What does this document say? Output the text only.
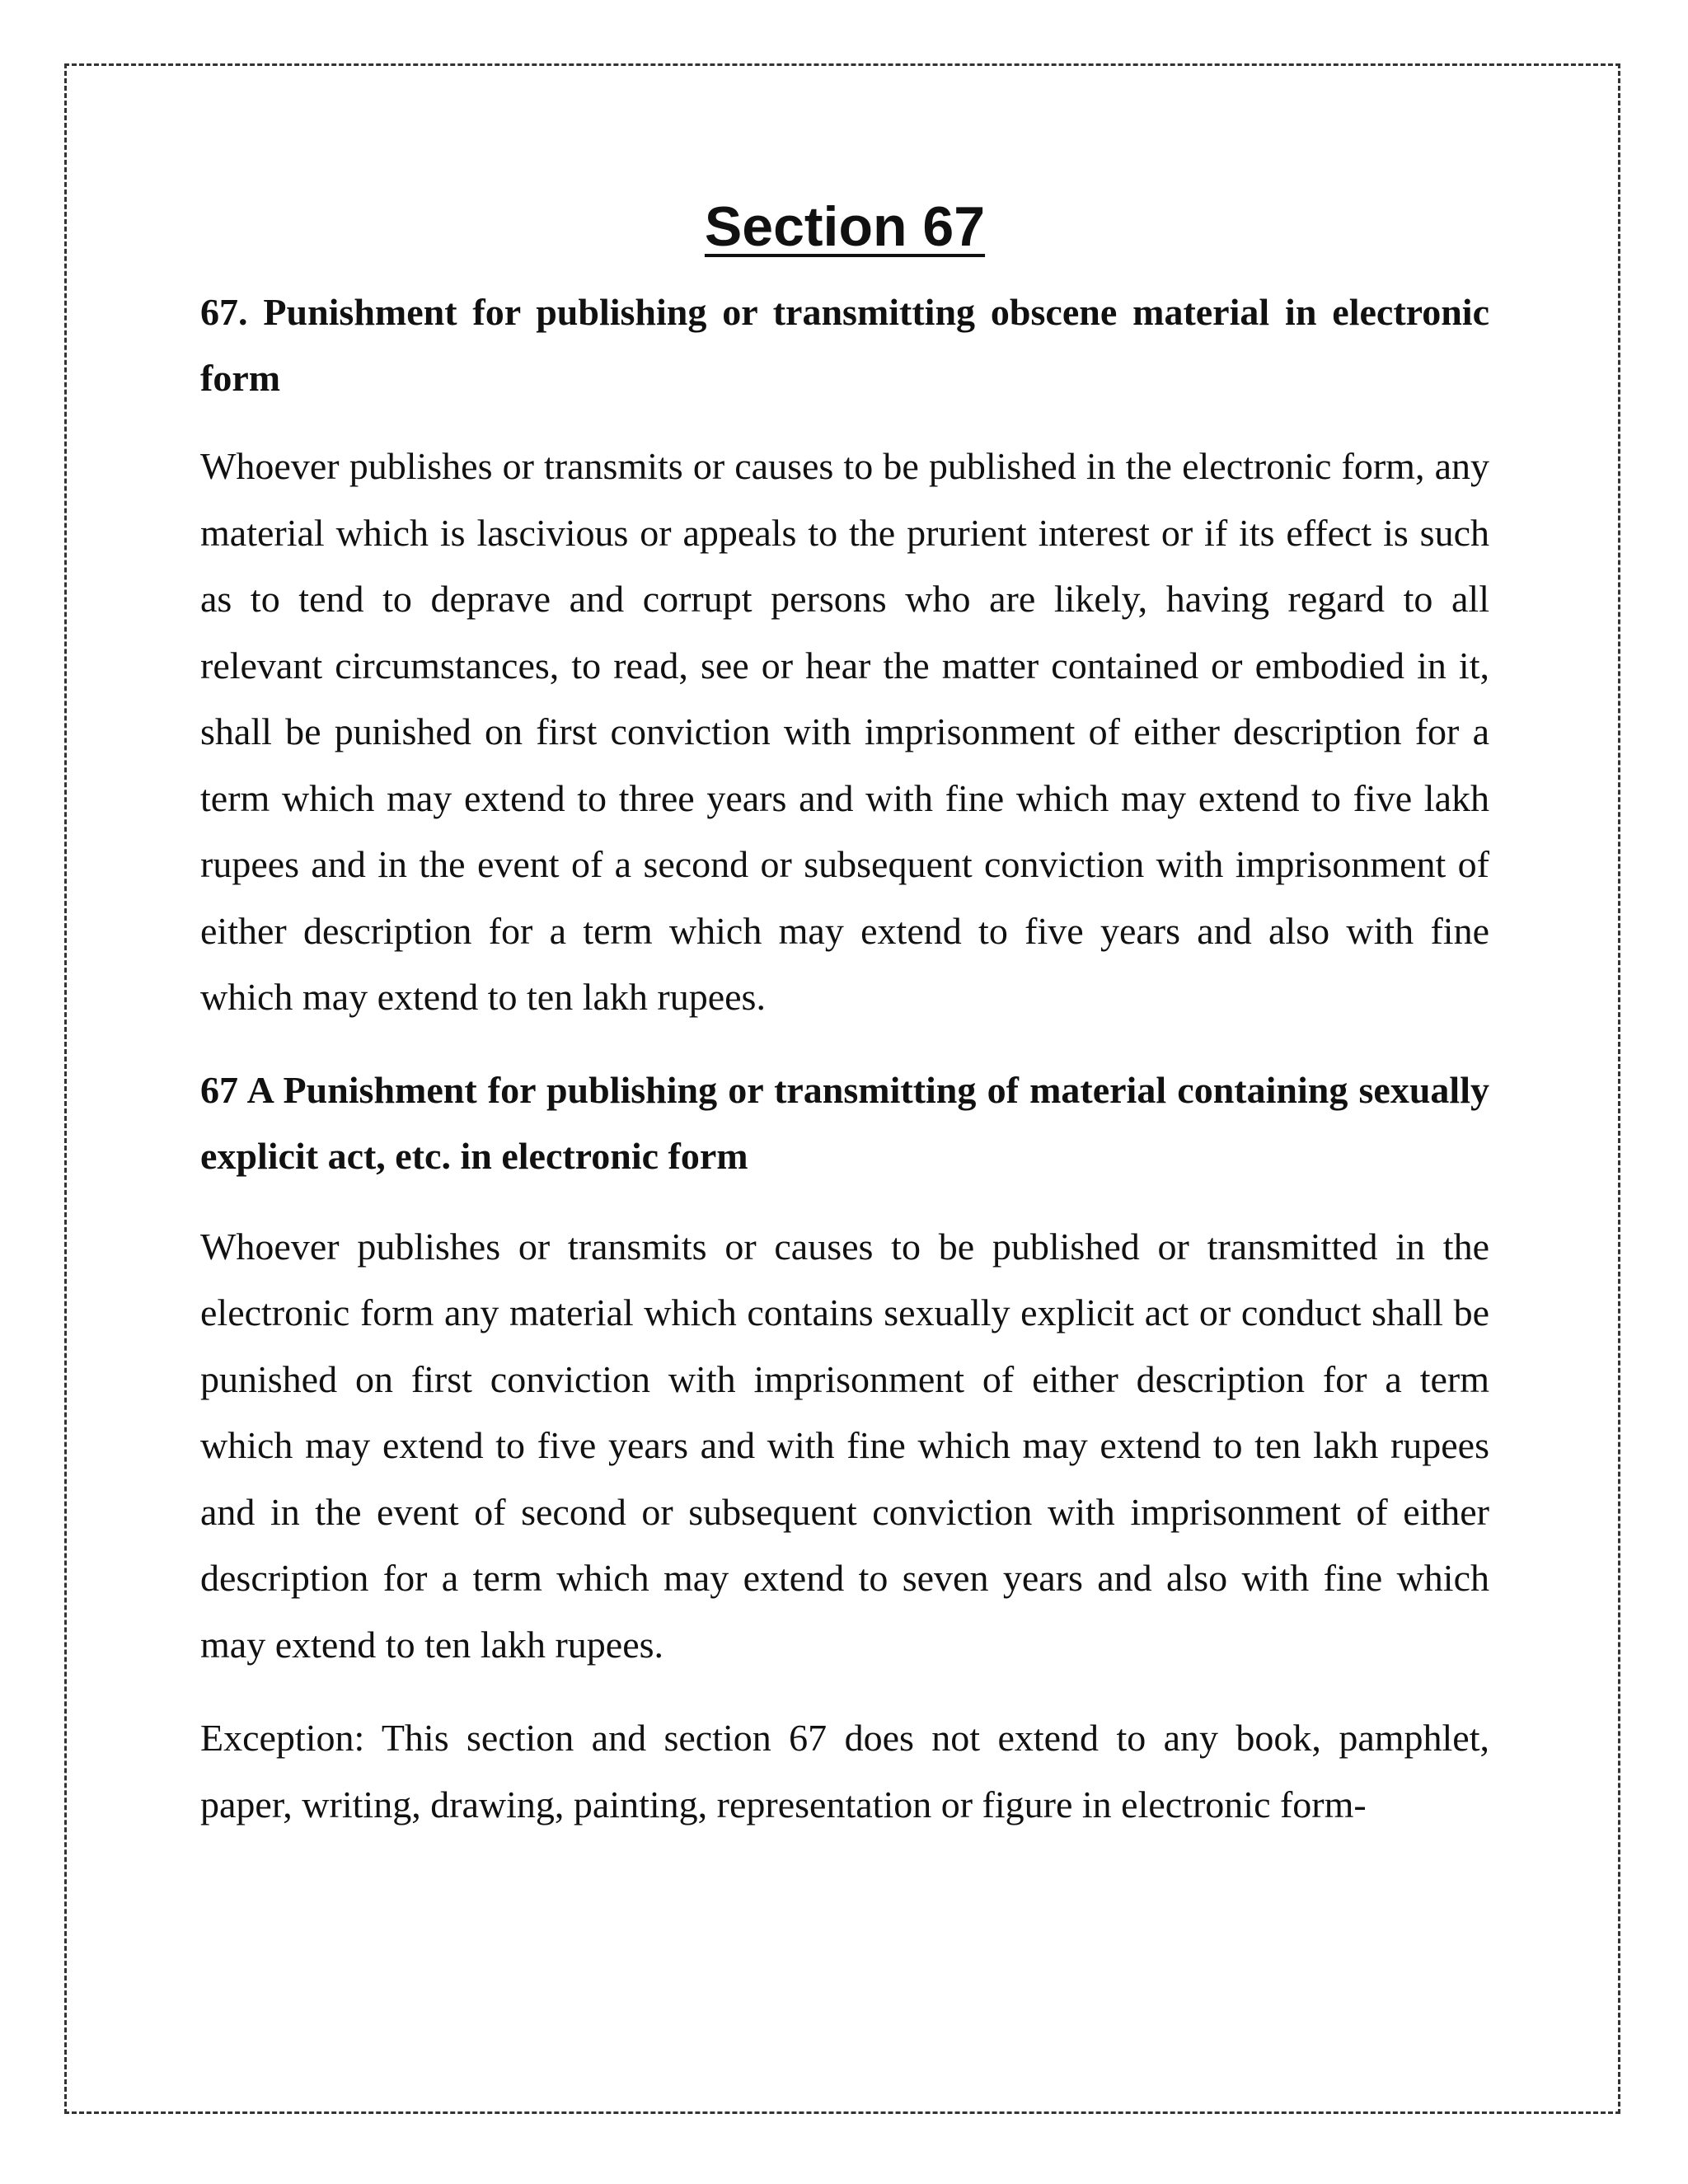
Section 67

67. Punishment for publishing or transmitting obscene material in electronic form

Whoever publishes or transmits or causes to be published in the electronic form, any material which is lascivious or appeals to the prurient interest or if its effect is such as to tend to deprave and corrupt persons who are likely, having regard to all relevant circumstances, to read, see or hear the matter contained or embodied in it, shall be punished on first conviction with imprisonment of either description for a term which may extend to three years and with fine which may extend to five lakh rupees and in the event of a second or subsequent conviction with imprisonment of either description for a term which may extend to five years and also with fine which may extend to ten lakh rupees.

67 A Punishment for publishing or transmitting of material containing sexually explicit act, etc. in electronic form

Whoever publishes or transmits or causes to be published or transmitted in the electronic form any material which contains sexually explicit act or conduct shall be punished on first conviction with imprisonment of either description for a term which may extend to five years and with fine which may extend to ten lakh rupees and in the event of second or subsequent conviction with imprisonment of either description for a term which may extend to seven years and also with fine which may extend to ten lakh rupees.

Exception: This section and section 67 does not extend to any book, pamphlet, paper, writing, drawing, painting, representation or figure in electronic form-
